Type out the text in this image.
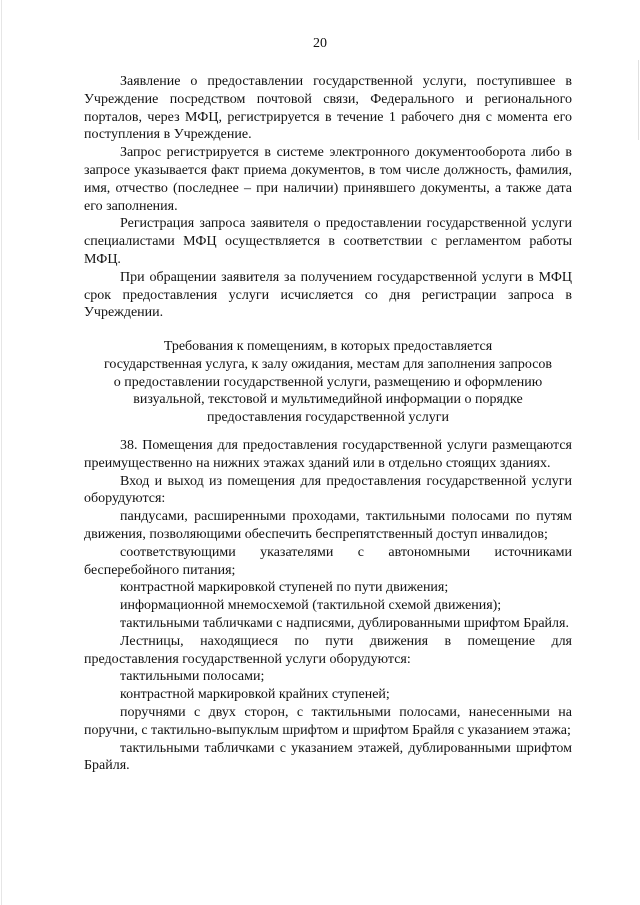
20

Заявление о предоставлении государственной услуги, поступившее в Учреждение посредством почтовой связи, Федерального и регионального порталов, через МФЦ, регистрируется в течение 1 рабочего дня с момента его поступления в Учреждение.

Запрос регистрируется в системе электронного документооборота либо в запросе указывается факт приема документов, в том числе должность, фамилия, имя, отчество (последнее – при наличии) принявшего документы, а также дата его заполнения.

Регистрация запроса заявителя о предоставлении государственной услуги специалистами МФЦ осуществляется в соответствии с регламентом работы МФЦ.

При обращении заявителя за получением государственной услуги в МФЦ срок предоставления услуги исчисляется со дня регистрации запроса в Учреждении.

Требования к помещениям, в которых предоставляется
государственная услуга, к залу ожидания, местам для заполнения запросов
о предоставлении государственной услуги, размещению и оформлению
визуальной, текстовой и мультимедийной информации о порядке
предоставления государственной услуги

38. Помещения для предоставления государственной услуги размещаются преимущественно на нижних этажах зданий или в отдельно стоящих зданиях.

Вход и выход из помещения для предоставления государственной услуги оборудуются:

пандусами, расширенными проходами, тактильными полосами по путям движения, позволяющими обеспечить беспрепятственный доступ инвалидов;

соответствующими указателями с автономными источниками бесперебойного питания;

контрастной маркировкой ступеней по пути движения;

информационной мнемосхемой (тактильной схемой движения);

тактильными табличками с надписями, дублированными шрифтом Брайля.

Лестницы, находящиеся по пути движения в помещение для предоставления государственной услуги оборудуются:

тактильными полосами;

контрастной маркировкой крайних ступеней;

поручнями с двух сторон, с тактильными полосами, нанесенными на поручни, с тактильно-выпуклым шрифтом и шрифтом Брайля с указанием этажа;

тактильными табличками с указанием этажей, дублированными шрифтом Брайля.
